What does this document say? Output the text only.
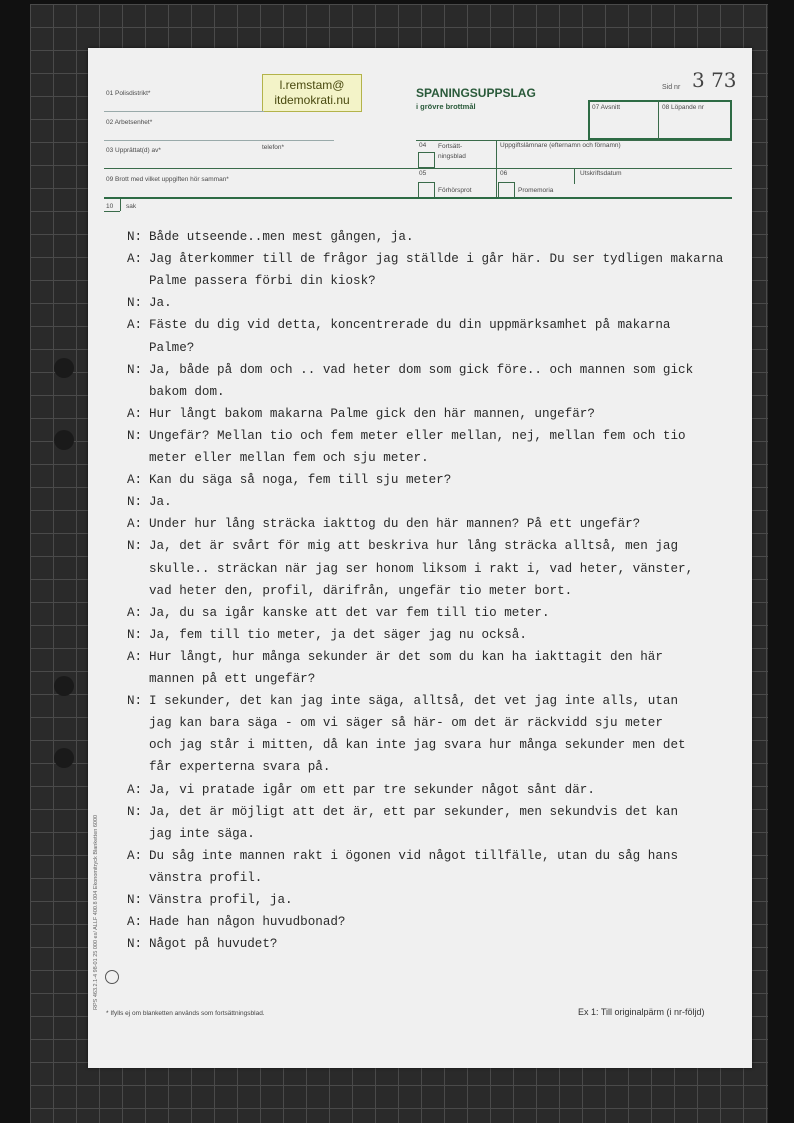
l.remstam@
itdemokrati.nu	SPANINGSUPPSLAG
i grövre brottmål
Sid nr 3 73
01 Polisdistrikt*
02 Arbetsenhet*
03 Upprättat(d) av*	telefon*
07 Avsnitt	08 Löpande nr
04 Fortsätt-
ningsblad
Uppgiftslämnare (efternamn och förnamn)
05
Förhörsprot
06
Promemoria
Utskriftsdatum
09 Brott med vilket uppgiften hör samman*
10 sak
N: Både utseende..men mest gången, ja.
A: Jag återkommer till de frågor jag ställde i går här. Du ser tydligen makarna
Palme passera förbi din kiosk?
N: Ja.
A: Fäste du dig vid detta, koncentrerade du din uppmärksamhet på makarna
Palme?
N: Ja, både på dom och .. vad heter dom som gick före.. och mannen som gick
bakom dom.
A: Hur långt bakom makarna Palme gick den här mannen, ungefär?
N: Ungefär? Mellan tio och fem meter eller mellan, nej, mellan fem och tio
meter eller mellan fem och sju meter.
A: Kan du säga så noga, fem till sju meter?
N: Ja.
A: Under hur lång sträcka iakttog du den här mannen? På ett ungefär?
N: Ja, det är svårt för mig att beskriva hur lång sträcka alltså, men jag
skulle.. sträckan när jag ser honom liksom i rakt i, vad heter, vänster,
vad heter den, profil, därifrån, ungefär tio meter bort.
A: Ja, du sa igår kanske att det var fem till tio meter.
N: Ja, fem till tio meter, ja det säger jag nu också.
A: Hur långt, hur många sekunder är det som du kan ha iakttagit den här
mannen på ett ungefär?
N: I sekunder, det kan jag inte säga, alltså, det vet jag inte alls, utan
jag kan bara säga - om vi säger så här- om det är räckvidd sju meter
och jag står i mitten, då kan inte jag svara hur många sekunder men det
får experterna svara på.
A: Ja, vi pratade igår om ett par tre sekunder något sånt där.
N: Ja, det är möjligt att det är, ett par sekunder, men sekundvis det kan
jag inte säga.
A: Du såg inte mannen rakt i ögonen vid något tillfälle, utan du såg hans
vänstra profil.
N: Vänstra profil, ja.
A: Hade han någon huvudbonad?
N: Något på huvudet?
* Ifylls ej om blanketten används som fortsättningsblad.	Ex 1: Till originalpärm (i nr-följd)
RPS 463.2.1-4 98-01 25 000 ex/ ALLF 400.8 004 Ekonomitryck Blanketten 6000
